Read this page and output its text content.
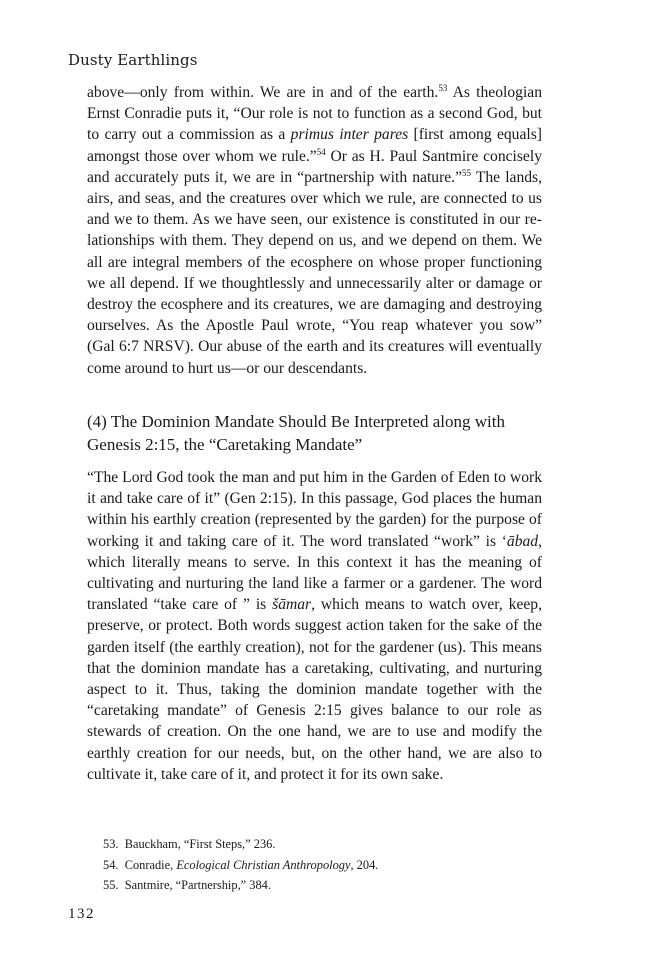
Dusty Earthlings
above—only from within. We are in and of the earth.$^{53}$ As theologian Ernst Conradie puts it, “Our role is not to function as a second God, but to carry out a commission as a primus inter pares [first among equals] amongst those over whom we rule.”$^{54}$ Or as H. Paul Santmire concisely and accurately puts it, we are in “partnership with nature.”$^{55}$ The lands, airs, and seas, and the creatures over which we rule, are connected to us and we to them. As we have seen, our existence is constituted in our relationships with them. They depend on us, and we depend on them. We all are integral members of the ecosphere on whose proper functioning we all depend. If we thoughtlessly and unnecessarily alter or damage or destroy the ecosphere and its creatures, we are damaging and destroying ourselves. As the Apostle Paul wrote, “You reap whatever you sow” (Gal 6:7 NRSV). Our abuse of the earth and its creatures will eventually come around to hurt us—or our descendants.
(4) The Dominion Mandate Should Be Interpreted along with Genesis 2:15, the “Caretaking Mandate”
“The Lord God took the man and put him in the Garden of Eden to work it and take care of it” (Gen 2:15). In this passage, God places the human within his earthly creation (represented by the garden) for the purpose of working it and taking care of it. The word translated “work” is ‘ābad, which literally means to serve. In this context it has the meaning of cultivating and nurturing the land like a farmer or a gardener. The word translated “take care of ” is šāmar, which means to watch over, keep, preserve, or protect. Both words suggest action taken for the sake of the garden itself (the earthly creation), not for the gardener (us). This means that the dominion mandate has a caretaking, cultivating, and nurturing aspect to it. Thus, taking the dominion mandate together with the “caretaking mandate” of Genesis 2:15 gives balance to our role as stewards of creation. On the one hand, we are to use and modify the earthly creation for our needs, but, on the other hand, we are also to cultivate it, take care of it, and protect it for its own sake.
53. Bauckham, “First Steps,” 236.
54. Conradie, Ecological Christian Anthropology, 204.
55. Santmire, “Partnership,” 384.
132
